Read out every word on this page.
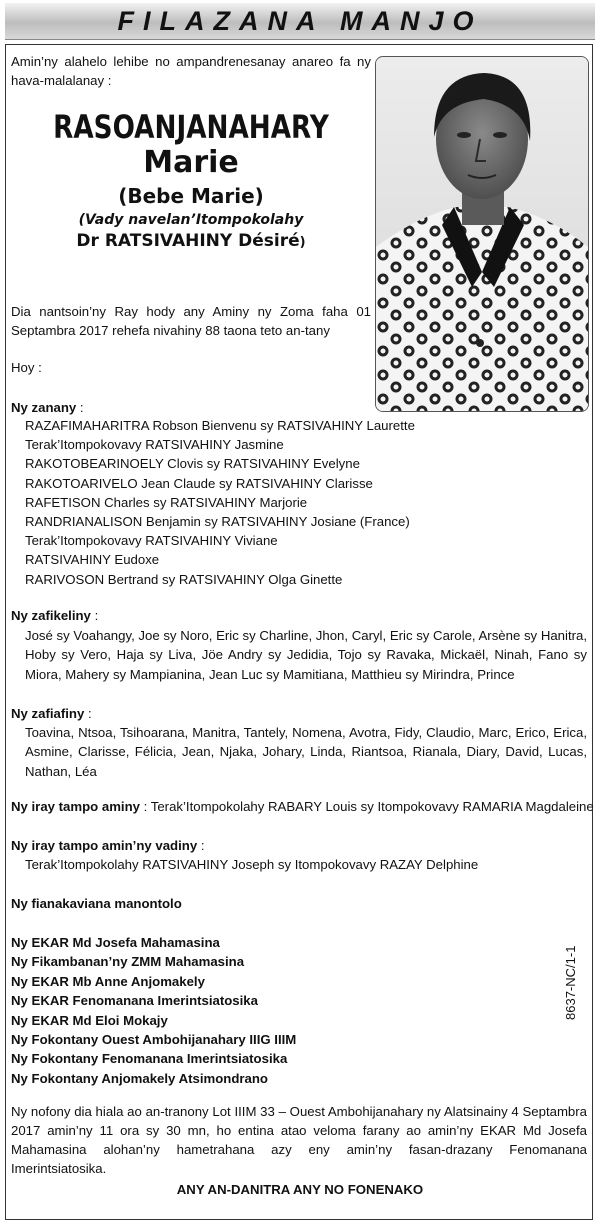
FILAZANA MANJO
Amin’ny alahelo lehibe no ampandrenesanay anareo fa ny hava-malalanay :
RASOANJANAHARY
Marie
(Bebe Marie)
(Vady navelan’Itompokolahy
Dr RATSIVAHINY Désiré)
Dia nantsoin’ny Ray hody any Aminy ny Zoma faha 01 Septambra 2017 rehefa nivahiny 88 taona teto an-tany
Hoy :
Ny zanany :
RAZAFIMAHARITRA Robson Bienvenu sy RATSIVAHINY Laurette
Terak’Itompokovavy RATSIVAHINY Jasmine
RAKOTOBEARINOELY Clovis sy RATSIVAHINY Evelyne
RAKOTOARIVELO Jean Claude sy RATSIVAHINY Clarisse
RAFETISON Charles sy RATSIVAHINY Marjorie
RANDRIANALISON Benjamin sy RATSIVAHINY Josiane (France)
Terak’Itompokovavy RATSIVAHINY Viviane
RATSIVAHINY Eudoxe
RARIVOSON Bertrand sy RATSIVAHINY Olga Ginette
Ny zafikeliny :
José sy Voahangy, Joe sy Noro, Eric sy Charline, Jhon, Caryl, Eric sy Carole, Arsène sy Hanitra, Hoby sy Vero, Haja sy Liva, Jöe Andry sy Jedidia, Tojo sy Ravaka, Mickaël, Ninah, Fano sy Miora, Mahery sy Mampianina, Jean Luc sy Mamitiana, Matthieu sy Mirindra, Prince
Ny zafiafiny :
Toavina, Ntsoa, Tsihoarana, Manitra, Tantely, Nomena, Avotra, Fidy, Claudio, Marc, Erico, Erica, Asmine, Clarisse, Félicia, Jean, Njaka, Johary, Linda, Riantsoa, Rianala, Diary, David, Lucas, Nathan, Léa
Ny iray tampo aminy : Terak’Itompokolahy RABARY Louis sy Itompokovavy RAMARIA Magdaleine
Ny iray tampo amin’ny vadiny :
Terak’Itompokolahy RATSIVAHINY Joseph sy Itompokovavy RAZAY Delphine
Ny fianakaviana manontolo
Ny EKAR Md Josefa Mahamasina
Ny Fikambanan’ny ZMM Mahamasina
Ny EKAR Mb Anne Anjomakely
Ny EKAR Fenomanana Imerintsiatosika
Ny EKAR Md Eloi Mokajy
Ny Fokontany Ouest Ambohijanahary IIIG IIIM
Ny Fokontany Fenomanana Imerintsiatosika
Ny Fokontany Anjomakely Atsimondrano
Ny nofony dia hiala ao an-tranony Lot IIIM 33 – Ouest Ambohijanahary ny Alatsinainy 4 Septambra 2017 amin’ny 11 ora sy 30 mn, ho entina atao veloma farany ao amin’ny EKAR Md Josefa Mahamasina alohan’ny hametrahana azy eny amin’ny fasan-drazany Fenomanana Imerintsiatosika.
ANY AN-DANITRA ANY NO FONENAKO
8637-NC/1-1
